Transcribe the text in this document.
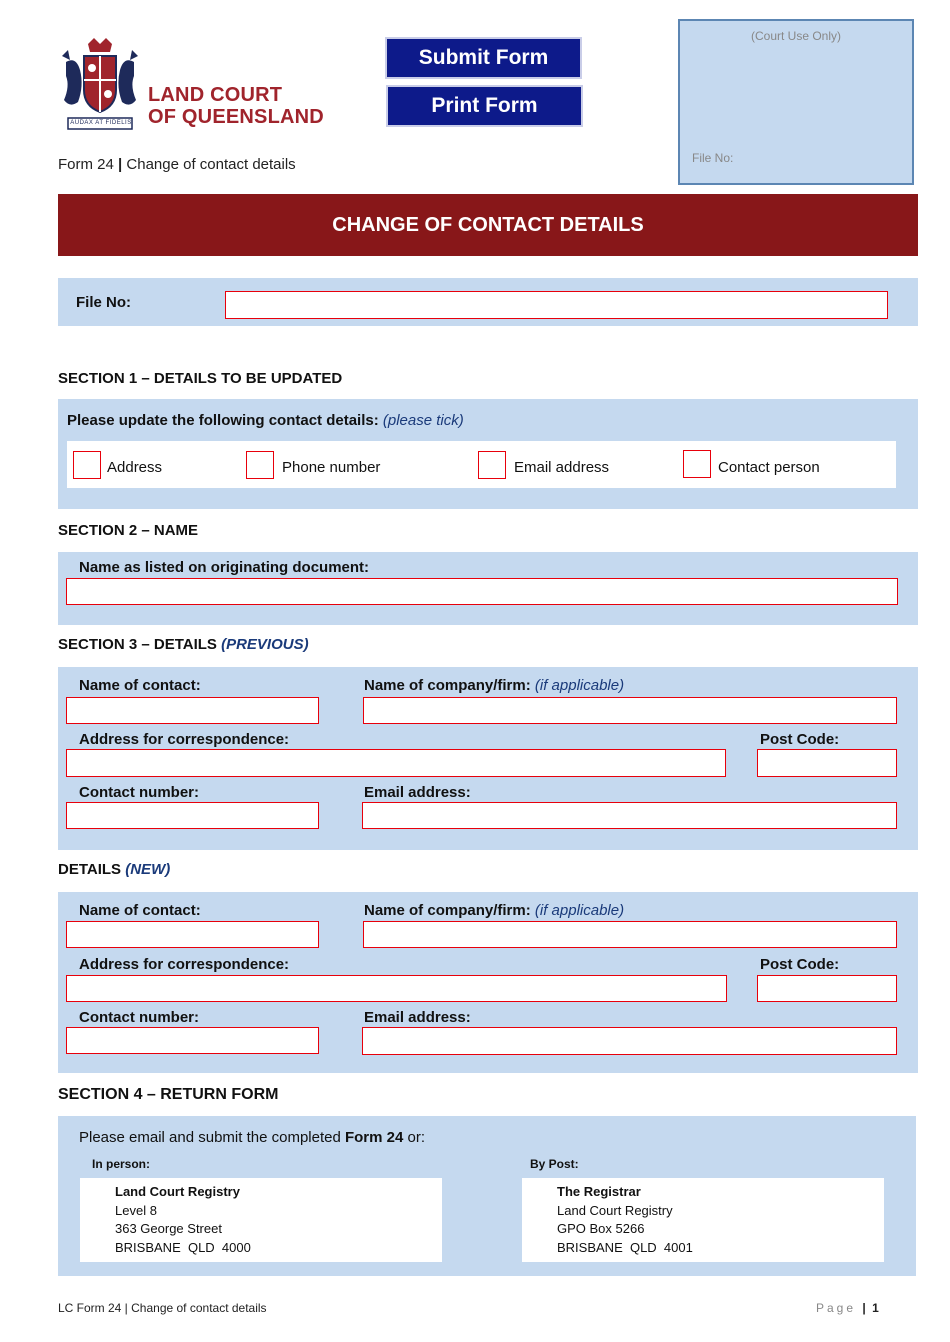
AUDAX AT FIDELIS
LAND COURT
OF QUEENSLAND
Form 24 | Change of contact details
Submit Form
Print Form
(Court Use Only)
File No:
CHANGE OF CONTACT DETAILS
File No:
SECTION 1 – DETAILS TO BE UPDATED
Please update the following contact details: (please tick)
Address	Phone number	Email address	Contact person
SECTION 2 – NAME
Name as listed on originating document:
SECTION 3 – DETAILS (PREVIOUS)
Name of contact:	Name of company/firm: (if applicable)
Address for correspondence:	Post Code:
Contact number:	Email address:
DETAILS (NEW)
Name of contact:	Name of company/firm: (if applicable)
Address for correspondence:	Post Code:
Contact number:	Email address:
SECTION 4 – RETURN FORM
Please email and submit the completed Form 24 or:
In person:
Land Court Registry
Level 8
363 George Street
BRISBANE  QLD  4000
By Post:
The Registrar
Land Court Registry
GPO Box 5266
BRISBANE  QLD  4001
LC Form 24 | Change of contact details	Page | 1
